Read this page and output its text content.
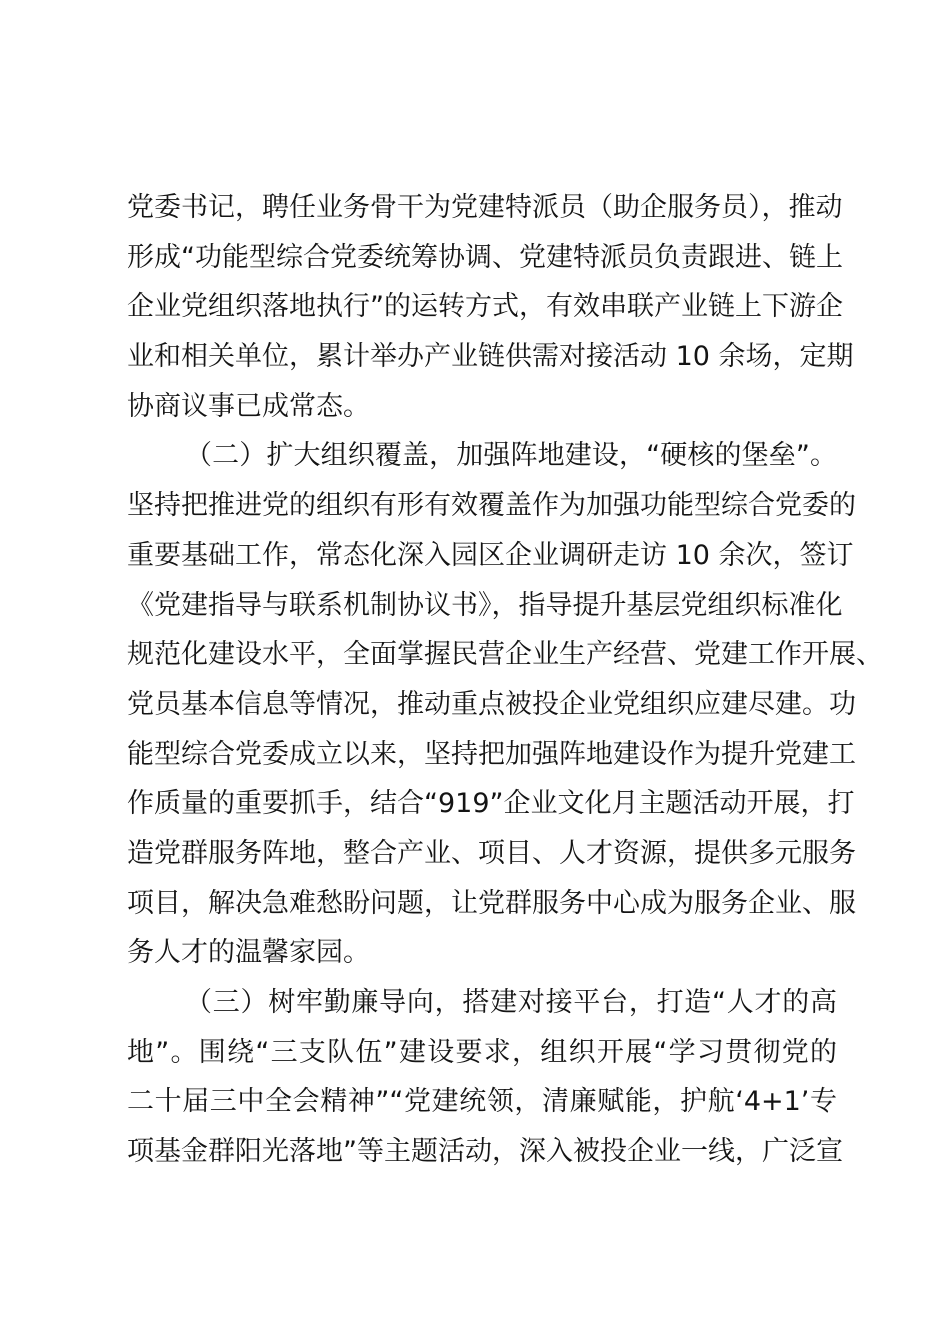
党委书记，聘任业务骨干为党建特派员（助企服务员），推动
形成“功能型综合党委统筹协调、党建特派员负责跟进、链上
企业党组织落地执行”的运转方式，有效串联产业链上下游企
业和相关单位，累计举办产业链供需对接活动 10 余场，定期
协商议事已成常态。
（二）扩大组织覆盖，加强阵地建设，“硬核的堡垒”。
坚持把推进党的组织有形有效覆盖作为加强功能型综合党委的
重要基础工作，常态化深入园区企业调研走访 10 余次，签订
《党建指导与联系机制协议书》，指导提升基层党组织标准化
规范化建设水平，全面掌握民营企业生产经营、党建工作开展、
党员基本信息等情况，推动重点被投企业党组织应建尽建。功
能型综合党委成立以来，坚持把加强阵地建设作为提升党建工
作质量的重要抓手，结合“919”企业文化月主题活动开展，打
造党群服务阵地，整合产业、项目、人才资源，提供多元服务
项目，解决急难愁盼问题，让党群服务中心成为服务企业、服
务人才的温馨家园。
（三）树牢勤廉导向，搭建对接平台，打造“人才的高
地”。围绕“三支队伍”建设要求，组织开展“学习贯彻党的
二十届三中全会精神”“党建统领，清廉赋能，护航‘4+1’专
项基金群阳光落地”等主题活动，深入被投企业一线，广泛宣
